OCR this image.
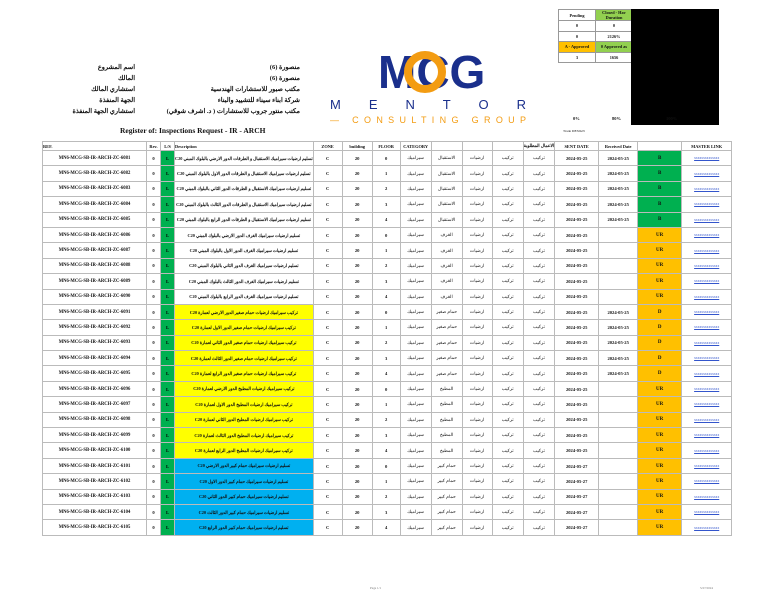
منصورة (6)
اسم المشروع
منصورة (6)
المالك
مكتب صبور للاستشارات الهندسية
استشاري المالك
شركة ابناء سيناء للتشييد والبناء
الجهة المنفذة
مكتب منتور جروب للاستشارات ( د. اشرف شوقي)
استشاري الجهة المنفذة
MCG
M E N T O R
— CONSULTING GROUP
Pending	Closed - Hav Duration
0	0
0	2126%
A - Approved	0 Approved as
3	1656
0%	80%	100%
Trade DESIGN
Register of: Inspections Request - IR - ARCH
REF.	Rev.	L/S	Description	ZONE	building	FLOOR	CATEGORY				الاعمال المطلوبة	SENT DATE	Received Date		MASTER LINK
MN6-MCG-SB-IR-ARCH-ZC-6081	0	L	تسليم ارضيات سيراميك الاستقبال و الطرقات الدور الارضي بالبلوك المبني C20	C	20	0	سيراميك	الاستقبال	ارضيات	تركيب	تركيب	2024-05-25	2024-05-25	B	xxxxxxxxxxxxxx
MN6-MCG-SB-IR-ARCH-ZC-6082	0	L	تسليم ارضيات سيراميك الاستقبال و الطرقات الدور الاول بالبلوك المبني C20	C	20	1	سيراميك	الاستقبال	ارضيات	تركيب	تركيب	2024-05-25	2024-05-25	B	xxxxxxxxxxxxxx
MN6-MCG-SB-IR-ARCH-ZC-6083	0	L	تسليم ارضيات سيراميك الاستقبال و الطرقات الدور الثاني بالبلوك المبني C20	C	20	2	سيراميك	الاستقبال	ارضيات	تركيب	تركيب	2024-05-25	2024-05-25	B	xxxxxxxxxxxxxx
MN6-MCG-SB-IR-ARCH-ZC-6084	0	L	تسليم ارضيات سيراميك الاستقبال و الطرقات الدور الثالث بالبلوك المبني C20	C	20	3	سيراميك	الاستقبال	ارضيات	تركيب	تركيب	2024-05-25	2024-05-25	B	xxxxxxxxxxxxxx
MN6-MCG-SB-IR-ARCH-ZC-6085	0	L	تسليم ارضيات سيراميك الاستقبال و الطرقات الدور الرابع بالبلوك المبني C20	C	20	4	سيراميك	الاستقبال	ارضيات	تركيب	تركيب	2024-05-25	2024-05-25	B	xxxxxxxxxxxxxx
MN6-MCG-SB-IR-ARCH-ZC-6086	0	L	تسليم ارضيات سيراميك الغرف الدور الارضي بالبلوك المبني C20	C	20	0	سيراميك	الغرف	ارضيات	تركيب	تركيب	2024-05-25		UR	xxxxxxxxxxxxxx
MN6-MCG-SB-IR-ARCH-ZC-6087	0	L	تسليم ارضيات سيراميك الغرف الدور الاول بالبلوك المبني C20	C	20	1	سيراميك	الغرف	ارضيات	تركيب	تركيب	2024-05-25		UR	xxxxxxxxxxxxxx
MN6-MCG-SB-IR-ARCH-ZC-6088	0	L	تسليم ارضيات سيراميك الغرف الدور الثاني بالبلوك المبني C20	C	20	2	سيراميك	الغرف	ارضيات	تركيب	تركيب	2024-05-25		UR	xxxxxxxxxxxxxx
MN6-MCG-SB-IR-ARCH-ZC-6089	0	L	تسليم ارضيات سيراميك الغرف الدور الثالث بالبلوك المبني C20	C	20	3	سيراميك	الغرف	ارضيات	تركيب	تركيب	2024-05-25		UR	xxxxxxxxxxxxxx
MN6-MCG-SB-IR-ARCH-ZC-6090	0	L	تسليم ارضيات سيراميك الغرف الدور الرابع بالبلوك المبني C20	C	20	4	سيراميك	الغرف	ارضيات	تركيب	تركيب	2024-05-25		UR	xxxxxxxxxxxxxx
MN6-MCG-SB-IR-ARCH-ZC-6091	0	L	تركيب سيراميك ارضيات حمام صغير الدور الارضي لعمارة C20	C	20	0	سيراميك	حمام صغير	ارضيات	تركيب	تركيب	2024-05-25	2024-05-25	D	xxxxxxxxxxxxxx
MN6-MCG-SB-IR-ARCH-ZC-6092	0	L	تركيب سيراميك ارضيات حمام صغير الدور الاول لعمارة C20	C	20	1	سيراميك	حمام صغير	ارضيات	تركيب	تركيب	2024-05-25	2024-05-25	D	xxxxxxxxxxxxxx
MN6-MCG-SB-IR-ARCH-ZC-6093	0	L	تركيب سيراميك ارضيات حمام صغير الدور الثاني لعمارة C20	C	20	2	سيراميك	حمام صغير	ارضيات	تركيب	تركيب	2024-05-25	2024-05-25	D	xxxxxxxxxxxxxx
MN6-MCG-SB-IR-ARCH-ZC-6094	0	L	تركيب سيراميك ارضيات حمام صغير الدور الثالث لعمارة C20	C	20	3	سيراميك	حمام صغير	ارضيات	تركيب	تركيب	2024-05-25	2024-05-25	D	xxxxxxxxxxxxxx
MN6-MCG-SB-IR-ARCH-ZC-6095	0	L	تركيب سيراميك ارضيات حمام صغير الدور الرابع لعمارة C20	C	20	4	سيراميك	حمام صغير	ارضيات	تركيب	تركيب	2024-05-25	2024-05-25	D	xxxxxxxxxxxxxx
MN6-MCG-SB-IR-ARCH-ZC-6096	0	L	تركيب سيراميك ارضيات المطبخ الدور الارضي لعمارة C20	C	20	0	سيراميك	المطبخ	ارضيات	تركيب	تركيب	2024-05-25		UR	xxxxxxxxxxxxxx
MN6-MCG-SB-IR-ARCH-ZC-6097	0	L	تركيب سيراميك ارضيات المطبخ الدور الاول لعمارة C20	C	20	1	سيراميك	المطبخ	ارضيات	تركيب	تركيب	2024-05-25		UR	xxxxxxxxxxxxxx
MN6-MCG-SB-IR-ARCH-ZC-6098	0	L	تركيب سيراميك ارضيات المطبخ الدور الثاني لعمارة C20	C	20	2	سيراميك	المطبخ	ارضيات	تركيب	تركيب	2024-05-25		UR	xxxxxxxxxxxxxx
MN6-MCG-SB-IR-ARCH-ZC-6099	0	L	تركيب سيراميك ارضيات المطبخ الدور الثالث لعمارة C20	C	20	3	سيراميك	المطبخ	ارضيات	تركيب	تركيب	2024-05-25		UR	xxxxxxxxxxxxxx
MN6-MCG-SB-IR-ARCH-ZC-6100	0	L	تركيب سيراميك ارضيات المطبخ الدور الرابع لعمارة C20	C	20	4	سيراميك	المطبخ	ارضيات	تركيب	تركيب	2024-05-25		UR	xxxxxxxxxxxxxx
MN6-MCG-SB-IR-ARCH-ZC-6101	0	L	تسليم ارضيات سيراميك حمام كبير الدور الارضي C20	C	20	0	سيراميك	حمام كبير	ارضيات	تركيب	تركيب	2024-05-27		UR	xxxxxxxxxxxxxx
MN6-MCG-SB-IR-ARCH-ZC-6102	0	L	تسليم ارضيات سيراميك حمام كبير الدور الاول C20	C	20	1	سيراميك	حمام كبير	ارضيات	تركيب	تركيب	2024-05-27		UR	xxxxxxxxxxxxxx
MN6-MCG-SB-IR-ARCH-ZC-6103	0	L	تسليم ارضيات سيراميك حمام كبير الدور الثاني C20	C	20	2	سيراميك	حمام كبير	ارضيات	تركيب	تركيب	2024-05-27		UR	xxxxxxxxxxxxxx
MN6-MCG-SB-IR-ARCH-ZC-6104	0	L	تسليم ارضيات سيراميك حمام كبير الدور الثالث C20	C	20	3	سيراميك	حمام كبير	ارضيات	تركيب	تركيب	2024-05-27		UR	xxxxxxxxxxxxxx
MN6-MCG-SB-IR-ARCH-ZC-6105	0	L	تسليم ارضيات سيراميك حمام كبير الدور الرابع C20	C	20	4	سيراميك	حمام كبير	ارضيات	تركيب	تركيب	2024-05-27		UR	xxxxxxxxxxxxxx
Page 1/1	5/27/2024
